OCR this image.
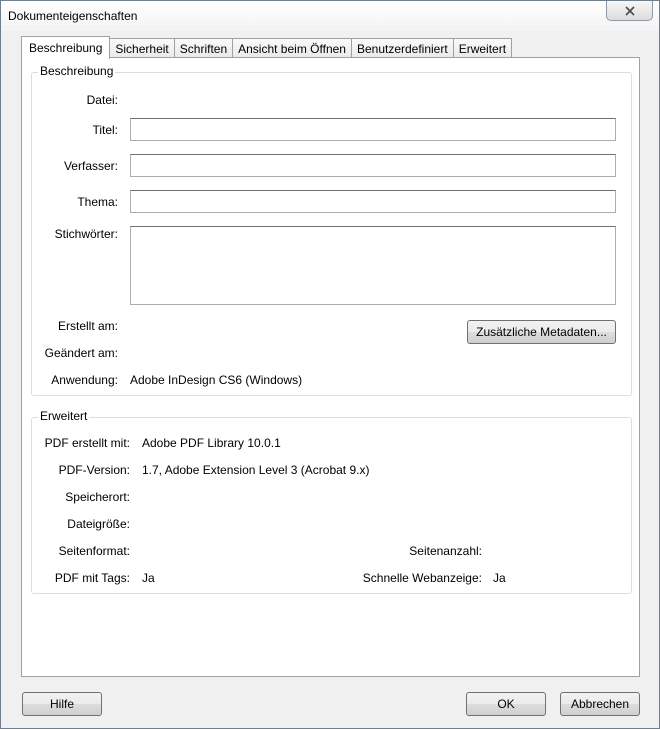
Dokumenteigenschaften
Beschreibung	Sicherheit Schriften Ansicht beim Öffnen Benutzerdefiniert Erweitert
Beschreibung
Datei:
Titel:
Verfasser:
Thema:
Stichwörter:
Erstellt am:	Zusätzliche Metadaten...
Geändert am:
Anwendung: Adobe InDesign CS6 (Windows)
Erweitert
PDF erstellt mit: Adobe PDF Library 10.0.1
PDF-Version: 1.7, Adobe Extension Level 3 (Acrobat 9.x)
Speicherort:
Dateigröße:
Seitenformat:	Seitenanzahl:
PDF mit Tags: Ja	Schnelle Webanzeige: Ja
Hilfe	OK	Abbrechen
